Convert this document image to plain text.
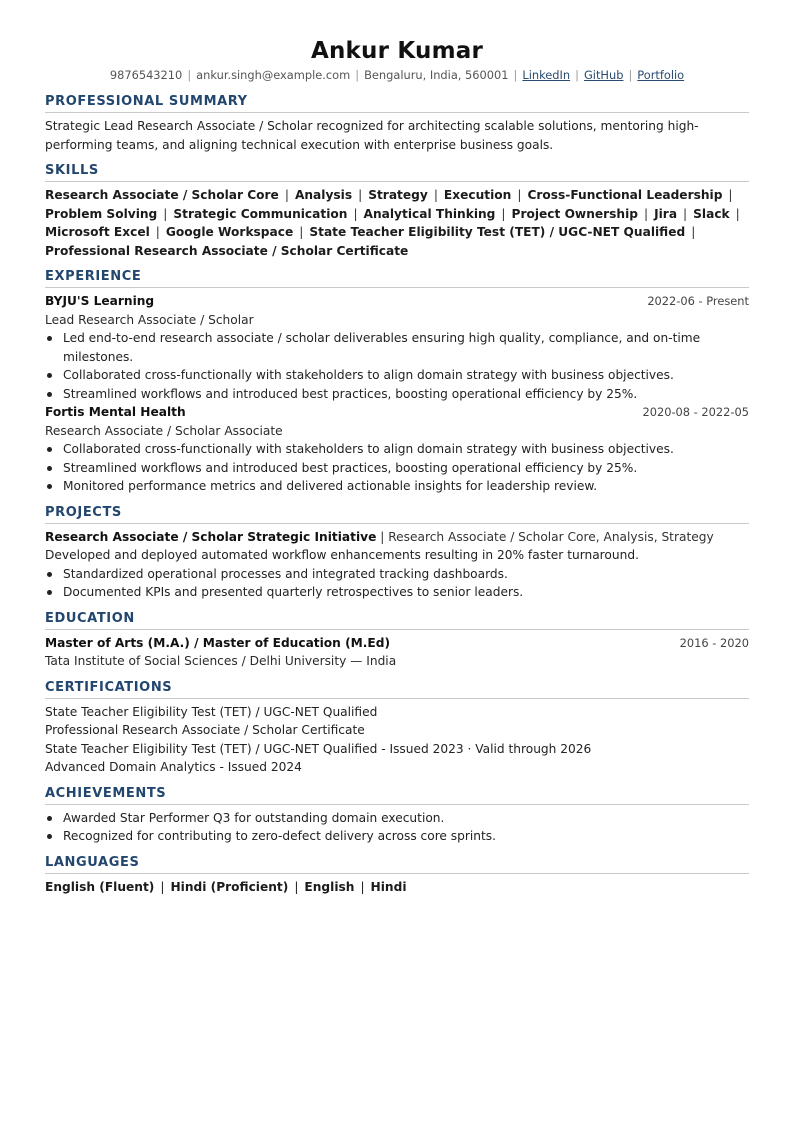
Ankur Kumar
9876543210 | ankur.singh@example.com | Bengaluru, India, 560001 | LinkedIn | GitHub | Portfolio
PROFESSIONAL SUMMARY

Strategic Lead Research Associate / Scholar recognized for architecting scalable solutions, mentoring high-performing teams, and aligning technical execution with enterprise business goals.

SKILLS
Research Associate / Scholar Core | Analysis | Strategy | Execution | Cross-Functional Leadership |
Problem Solving | Strategic Communication | Analytical Thinking | Project Ownership | Jira | Slack |
Microsoft Excel | Google Workspace | State Teacher Eligibility Test (TET) / UGC-NET Qualified |
Professional Research Associate / Scholar Certificate
EXPERIENCE
BYJU'S Learning	2022-06 - Present
Lead Research Associate / Scholar
Led end-to-end research associate / scholar deliverables ensuring high quality, compliance, and on-time milestones.
Collaborated cross-functionally with stakeholders to align domain strategy with business objectives.
Streamlined workflows and introduced best practices, boosting operational efficiency by 25%.
Fortis Mental Health	2020-08 - 2022-05
Research Associate / Scholar Associate
Collaborated cross-functionally with stakeholders to align domain strategy with business objectives.
Streamlined workflows and introduced best practices, boosting operational efficiency by 25%.
Monitored performance metrics and delivered actionable insights for leadership review.
PROJECTS
Research Associate / Scholar Strategic Initiative | Research Associate / Scholar Core, Analysis, Strategy
Developed and deployed automated workflow enhancements resulting in 20% faster turnaround.
Standardized operational processes and integrated tracking dashboards.
Documented KPIs and presented quarterly retrospectives to senior leaders.
EDUCATION
Master of Arts (M.A.) / Master of Education (M.Ed)	2016 - 2020
Tata Institute of Social Sciences / Delhi University — India
CERTIFICATIONS
State Teacher Eligibility Test (TET) / UGC-NET Qualified
Professional Research Associate / Scholar Certificate
State Teacher Eligibility Test (TET) / UGC-NET Qualified - Issued 2023 · Valid through 2026
Advanced Domain Analytics - Issued 2024
ACHIEVEMENTS
Awarded Star Performer Q3 for outstanding domain execution.
Recognized for contributing to zero-defect delivery across core sprints.
LANGUAGES
English (Fluent) | Hindi (Proficient) | English | Hindi
